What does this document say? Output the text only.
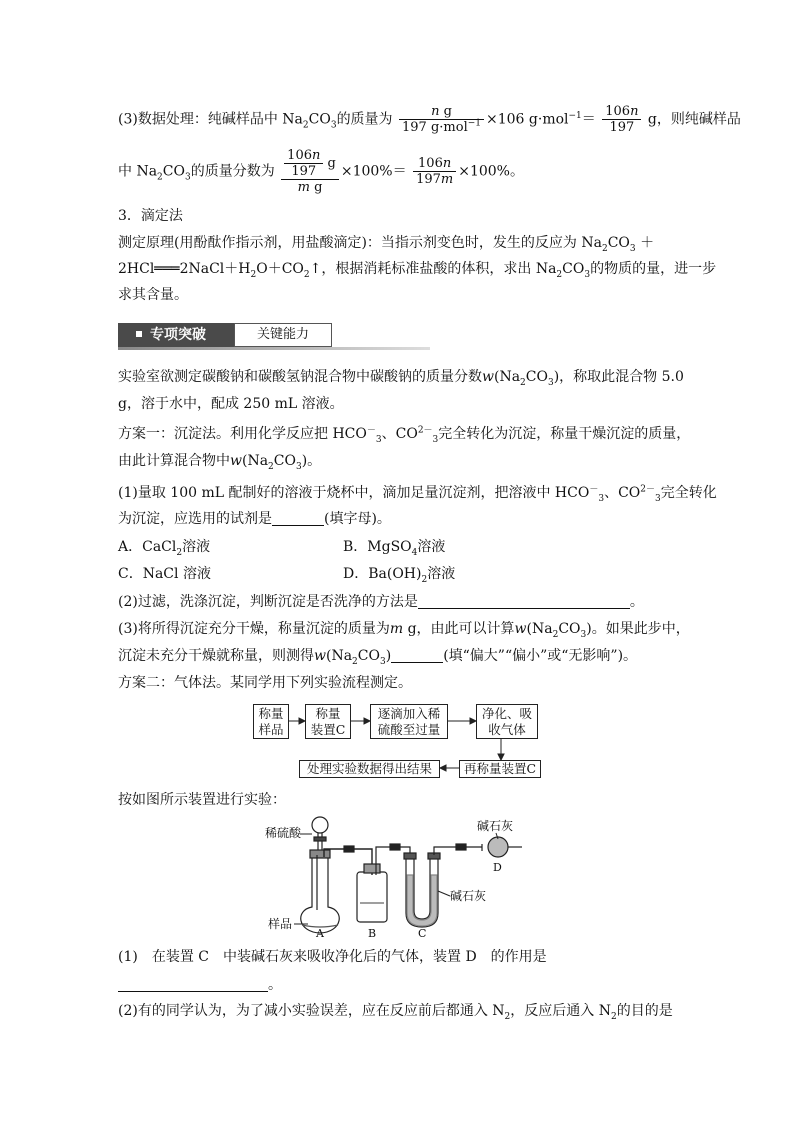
(3)数据处理：纯碱样品中 $Na_2CO_3$的质量为 $\frac{\text{n g}}{197 g\cdot mol^{-1}} \times 106$ $g\cdot mol^{-1}= \frac{106n}{197}$ g，则纯碱样品
中 $Na_2CO_3$的质量分数为 $\frac{\frac{106n}{197} g}{\text{m g}} \times 100\%= \frac{106n}{197m} \times 100\%$。
3．滴定法
测定原理(用酚酞作指示剂，用盐酸滴定)：当指示剂变色时，发生的反应为 $Na_2CO_3$ ＋
$2HCl═══2NaCl+H_2O+CO_2↑$，根据消耗标准盐酸的体积，求出 $Na_2CO_3$的物质的量，进一步
求其含量。
专项突破	关键能力
实验室欲测定碳酸钠和碳酸氢钠混合物中碳酸钠的质量分数$w(Na_2CO_3)$，称取此混合物 5.0
g，溶于水中，配成 250 mL 溶液。
方案一：沉淀法。利用化学反应把 $HCO^-_3$、$CO^{2-}_3$完全转化为沉淀，称量干燥沉淀的质量，
由此计算混合物中$w(Na_2CO_3)$。
(1)量取 100 mL 配制好的溶液于烧杯中，滴加足量沉淀剂，把溶液中 $HCO^-_3$、$CO^{2-}_3$完全转化
为沉淀，应选用的试剂是	(填字母)。
A．CaCl$_2$溶液	B．MgSO$_4$溶液
C．NaCl 溶液	D．$Ba(OH)_2$溶液
(2)过滤，洗涤沉淀，判断沉淀是否洗净的方法是	。
(3)将所得沉淀充分干燥，称量沉淀的质量为m g，由此可以计算$w(Na_2CO_3)$。如果此步中，
沉淀未充分干燥就称量，则测得$w(Na_2CO_3)$	(填“偏大”“偏小”或“无影响”)。
方案二：气体法。某同学用下列实验流程测定。
称量
样品
称量
装置C
逐滴加入稀
硫酸至过量
净化、吸
收气体
再称量装置C
处理实验数据得出结果
按如图所示装置进行实验：
稀硫酸
样品
碱石灰
碱石灰
A	B	C
D
(1)　在装置 C　中装碱石灰来吸收净化后的气体，装置 D　的作用是
。
(2)有的同学认为，为了减小实验误差，应在反应前后都通入 $N_2$，反应后通入 $N_2$的目的是
